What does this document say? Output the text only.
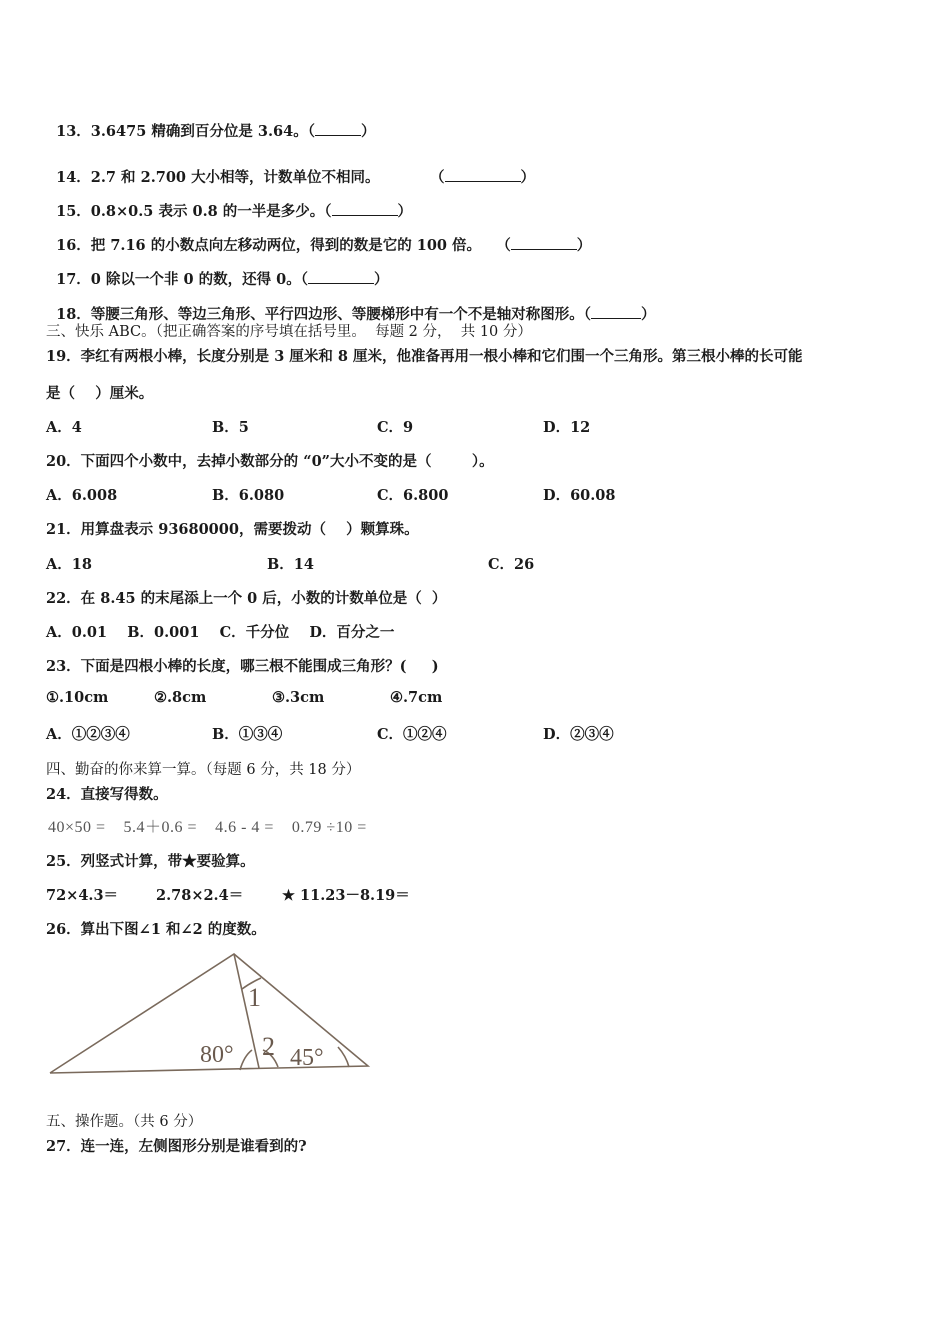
13．3.6475 精确到百分位是 3.64。（	）

14．2.7 和 2.700 大小相等，计数单位不相同。          （	）

15．0.8×0.5 表示 0.8 的一半是多少。（	）

16．把 7.16 的小数点向左移动两位，得到的数是它的 100 倍。   （	）

17．0 除以一个非 0 的数，还得 0。（	）

18．等腰三角形、等边三角形、平行四边形、等腰梯形中有一个不是轴对称图形。（	）

三、快乐 ABC。（把正确答案的序号填在括号里。  每题 2 分，  共 10 分）
19．李红有两根小棒，长度分别是 3 厘米和 8 厘米，他准备再用一根小棒和它们围一个三角形。第三根小棒的长可能
是（    ）厘米。
A．4	B．5	C．9	D．12
20．下面四个小数中，去掉小数部分的 “0”大小不变的是（        ）。
A．6.008	B．6.080	C．6.800	D．60.08
21．用算盘表示 93680000，需要拨动（    ）颗算珠。
A．18	B．14	C．26
22．在 8.45 的末尾添上一个 0 后，小数的计数单位是（  ）
A．0.01    B．0.001    C．千分位    D．百分之一
23．下面是四根小棒的长度，哪三根不能围成三角形？(     )
①.10cm	②.8cm	③.3cm	④.7cm
A．①②③④	B．①③④	C．①②④	D．②③④
四、勤奋的你来算一算。（每题 6 分，共 18 分）
24．直接写得数。
40×50 =    5.4＋0.6 =    4.6 - 4 =    0.79 ÷10 =
25．列竖式计算，带★要验算。
72×4.3＝	2.78×2.4＝	★ 11.23－8.19＝
26．算出下图∠1 和∠2 的度数。
1
80° 2 45°
五、操作题。（共 6 分）
27．连一连，左侧图形分别是谁看到的?
